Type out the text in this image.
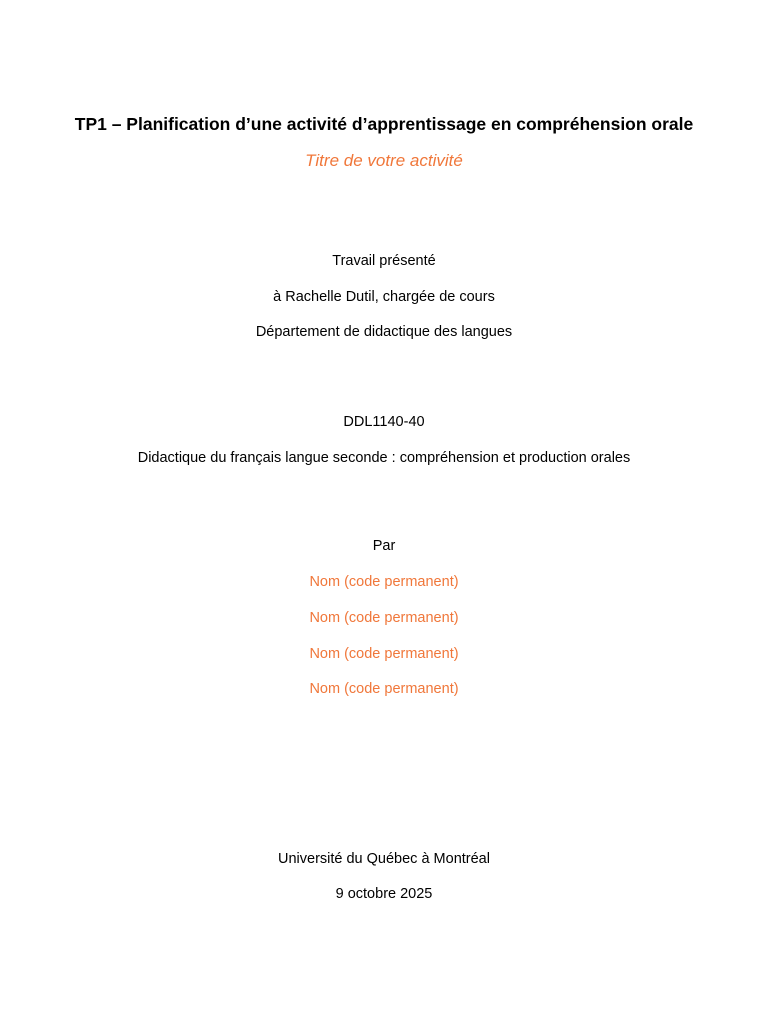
TP1 – Planification d’une activité d’apprentissage en compréhension orale

Titre de votre activité

Travail présenté

à Rachelle Dutil, chargée de cours

Département de didactique des langues

DDL1140-40

Didactique du français langue seconde : compréhension et production orales

Par

Nom (code permanent)

Nom (code permanent)

Nom (code permanent)

Nom (code permanent)

Université du Québec à Montréal

9 octobre 2025
